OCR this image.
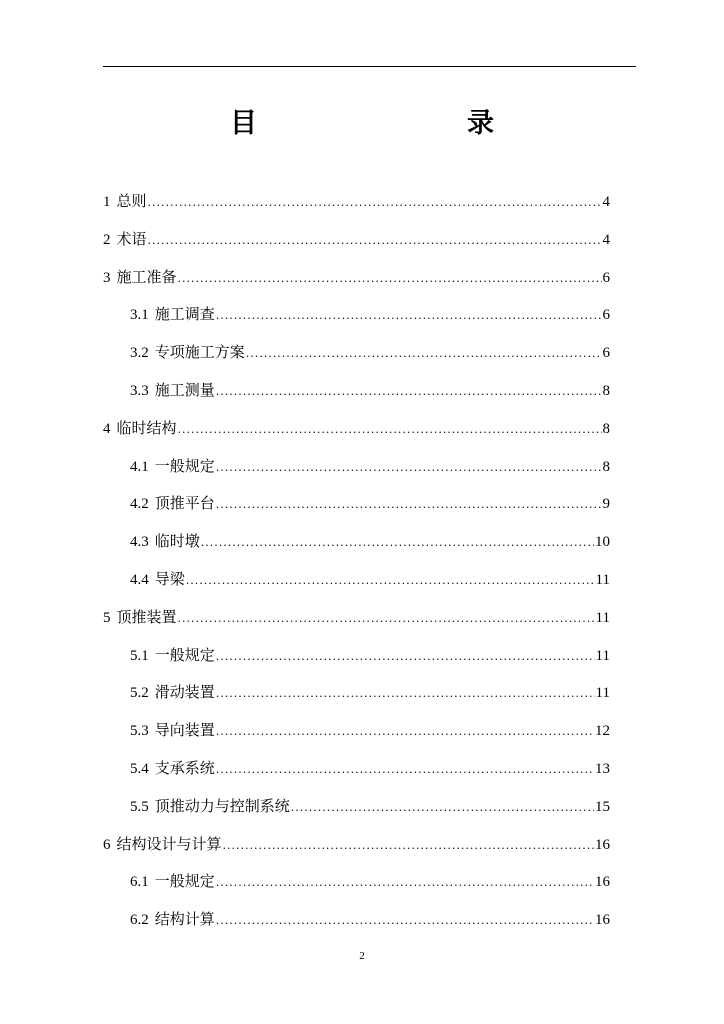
目　　录
1 总则 .....	4
2 术语 .....	4
3 施工准备 .....	6
3.1 施工调查 .....	6
3.2 专项施工方案 .....	6
3.3 施工测量 .....	8
4 临时结构 .....	8
4.1 一般规定 .....	8
4.2 顶推平台 .....	9
4.3 临时墩 .....	10
4.4 导梁 .....	11
5 顶推装置 .....	11
5.1 一般规定 .....	11
5.2 滑动装置 .....	11
5.3 导向装置 .....	12
5.4 支承系统 .....	13
5.5 顶推动力与控制系统 .....	15
6 结构设计与计算 .....	16
6.1 一般规定 .....	16
6.2 结构计算 .....	16
2
